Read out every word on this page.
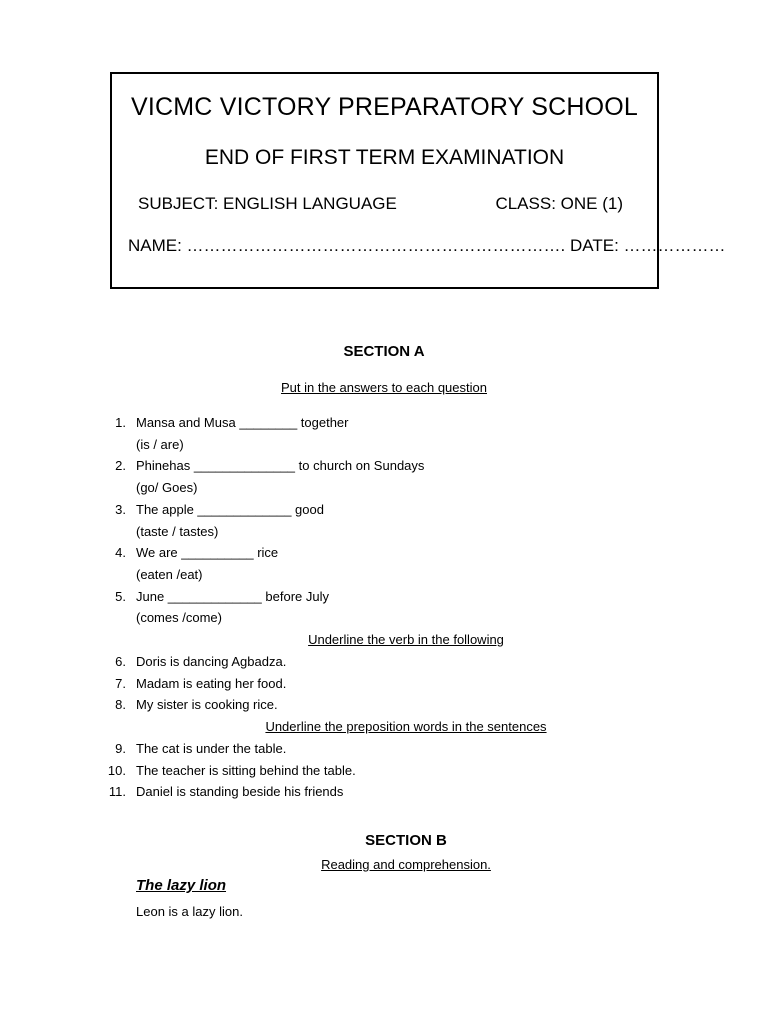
VICMC VICTORY PREPARATORY SCHOOL
END OF FIRST TERM EXAMINATION
SUBJECT: ENGLISH LANGUAGE	CLASS: ONE (1)
NAME: …………………………………………………………. DATE: ………………
SECTION A
Put in the answers to each question
1. Mansa and Musa ________ together
(is / are)
2. Phinehas ______________ to church on Sundays
(go/ Goes)
3. The apple _____________ good
(taste / tastes)
4. We are __________ rice
(eaten /eat)
5. June _____________ before July
(comes /come)
Underline the verb in the following
6. Doris is dancing Agbadza.
7. Madam is eating her food.
8. My sister is cooking rice.
Underline the preposition words in the sentences
9. The cat is under the table.
10. The teacher is sitting behind the table.
11. Daniel is standing beside his friends
SECTION B
Reading and comprehension.
The lazy lion
Leon is a lazy lion.
